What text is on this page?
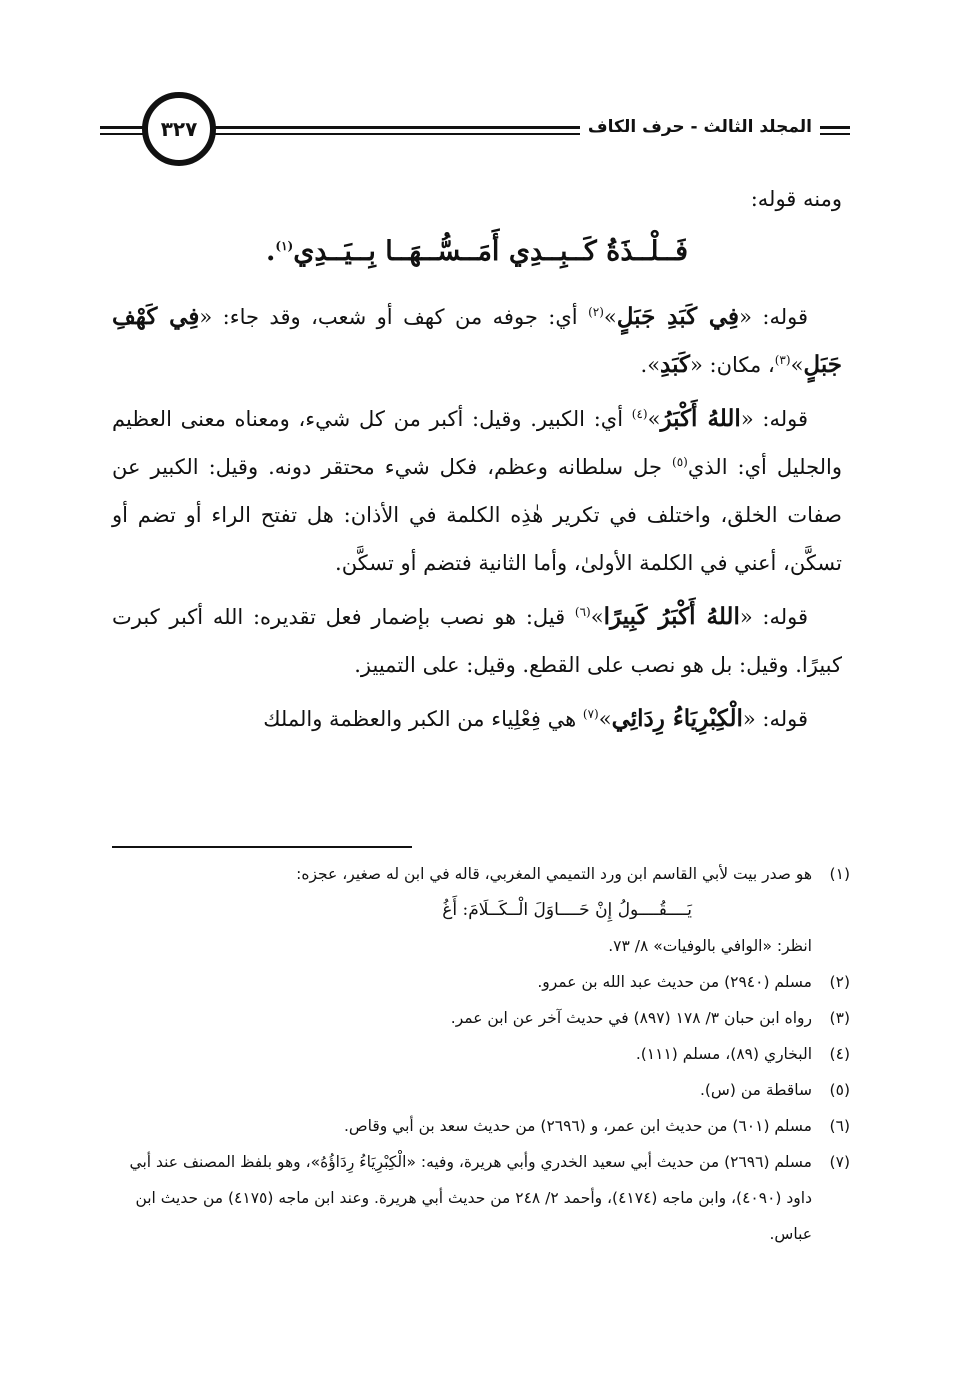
المجلد الثالث - حرف الكاف
٣٢٧
ومنه قوله:
فَــلْــذَةُ كَــبِــدِي أَمَــسُّــهَــا بِــيَــدِي$^{(١)}$.

قوله: «فِي كَبَدِ جَبَلٍ»$^{(٢)}$ أي: جوفه من كهف أو شعب، وقد جاء: «فِي كَهْفِ جَبَلٍ»$^{(٣)}$، مكان: «كَبَدِ».

قوله: «اللهُ أَكْبَرُ»$^{(٤)}$ أي: الكبير. وقيل: أكبر من كل شيء، ومعناه معنى العظيم والجليل أي: الذي$^{(٥)}$ جل سلطانه وعظم، فكل شيء محتقر دونه. وقيل: الكبير عن صفات الخلق، واختلف في تكرير هٰذِه الكلمة في الأذان: هل تفتح الراء أو تضم أو تسكَّن، أعني في الكلمة الأولىٰ، وأما الثانية فتضم أو تسكَّن.

قوله: «اللهُ أَكْبَرُ كَبِيرًا»$^{(٦)}$ قيل: هو نصب بإضمار فعل تقديره: الله أكبر كبرت كبيرًا. وقيل: بل هو نصب على القطع. وقيل: على التمييز.

قوله: «الْكِبْرِيَاءُ رِدَائِي»$^{(٧)}$ هي فِعْلِياء من الكبر والعظمة والملك

(١)
هو صدر بيت لأبي القاسم ابن ورد التميمي المغربي، قاله في ابن له صغير، عجزه:
يَــــقُــــولُ إِنْ حَــــاوَلَ الْــكَــلَامَ: أَغُ
انظر: «الوافي بالوفيات» ٨/ ٧٣.
(٢)
مسلم (٢٩٤٠) من حديث عبد الله بن عمرو.
(٣)
رواه ابن حبان ٣/ ١٧٨ (٨٩٧) في حديث آخر عن ابن عمر.
(٤)
البخاري (٨٩)، مسلم (١١١).
(٥)
ساقطة من (س).
(٦)
مسلم (٦٠١) من حديث ابن عمر، و (٢٦٩٦) من حديث سعد بن أبي وقاص.
(٧)
مسلم (٢٦٩٦) من حديث أبي سعيد الخدري وأبي هريرة، وفيه: «الْكِبْرِيَاءُ رِدَاؤُهُ»، وهو بلفظ المصنف عند أبي داود (٤٠٩٠)، وابن ماجه (٤١٧٤)، وأحمد ٢/ ٢٤٨ من حديث أبي هريرة. وعند ابن ماجه (٤١٧٥) من حديث ابن عباس.
